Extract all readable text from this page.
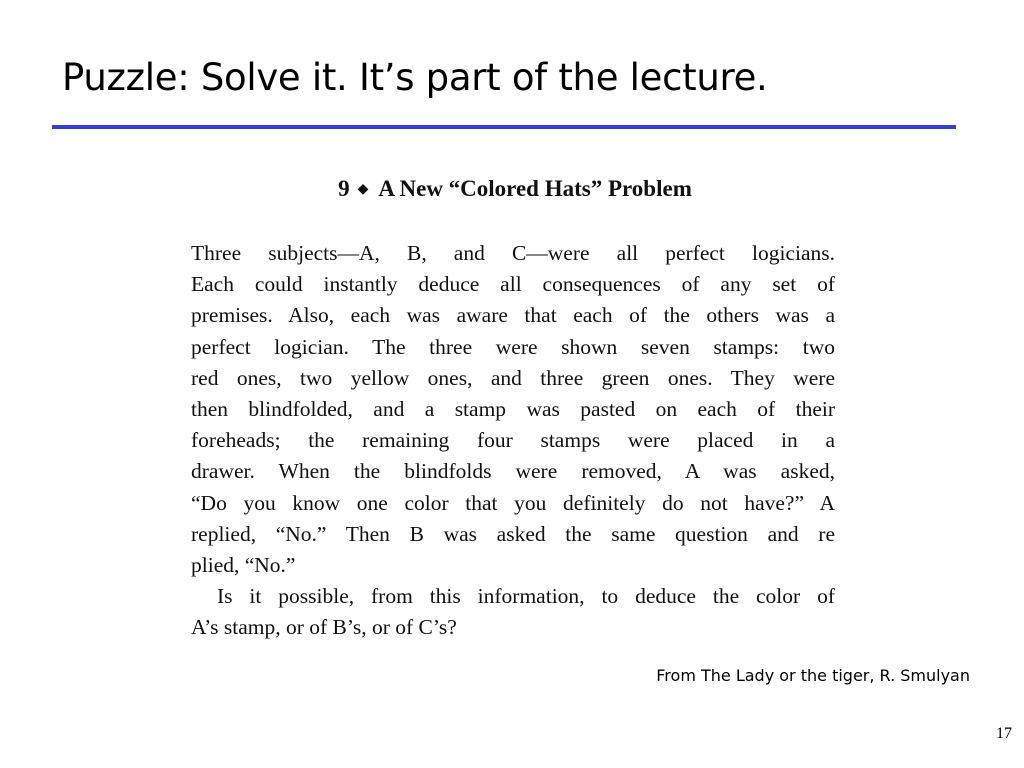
Puzzle: Solve it. It’s part of the lecture.
9 ◆ A New “Colored Hats” Problem
Three subjects—A, B, and C—were all perfect logicians.
Each could instantly deduce all consequences of any set of
premises. Also, each was aware that each of the others was a
perfect logician. The three were shown seven stamps: two
red ones, two yellow ones, and three green ones. They were
then blindfolded, and a stamp was pasted on each of their
foreheads; the remaining four stamps were placed in a
drawer. When the blindfolds were removed, A was asked,
“Do you know one color that you definitely do not have?” A
replied, “No.” Then B was asked the same question and re
plied, “No.”
Is it possible, from this information, to deduce the color of
A’s stamp, or of B’s, or of C’s?
From The Lady or the tiger, R. Smulyan
17
